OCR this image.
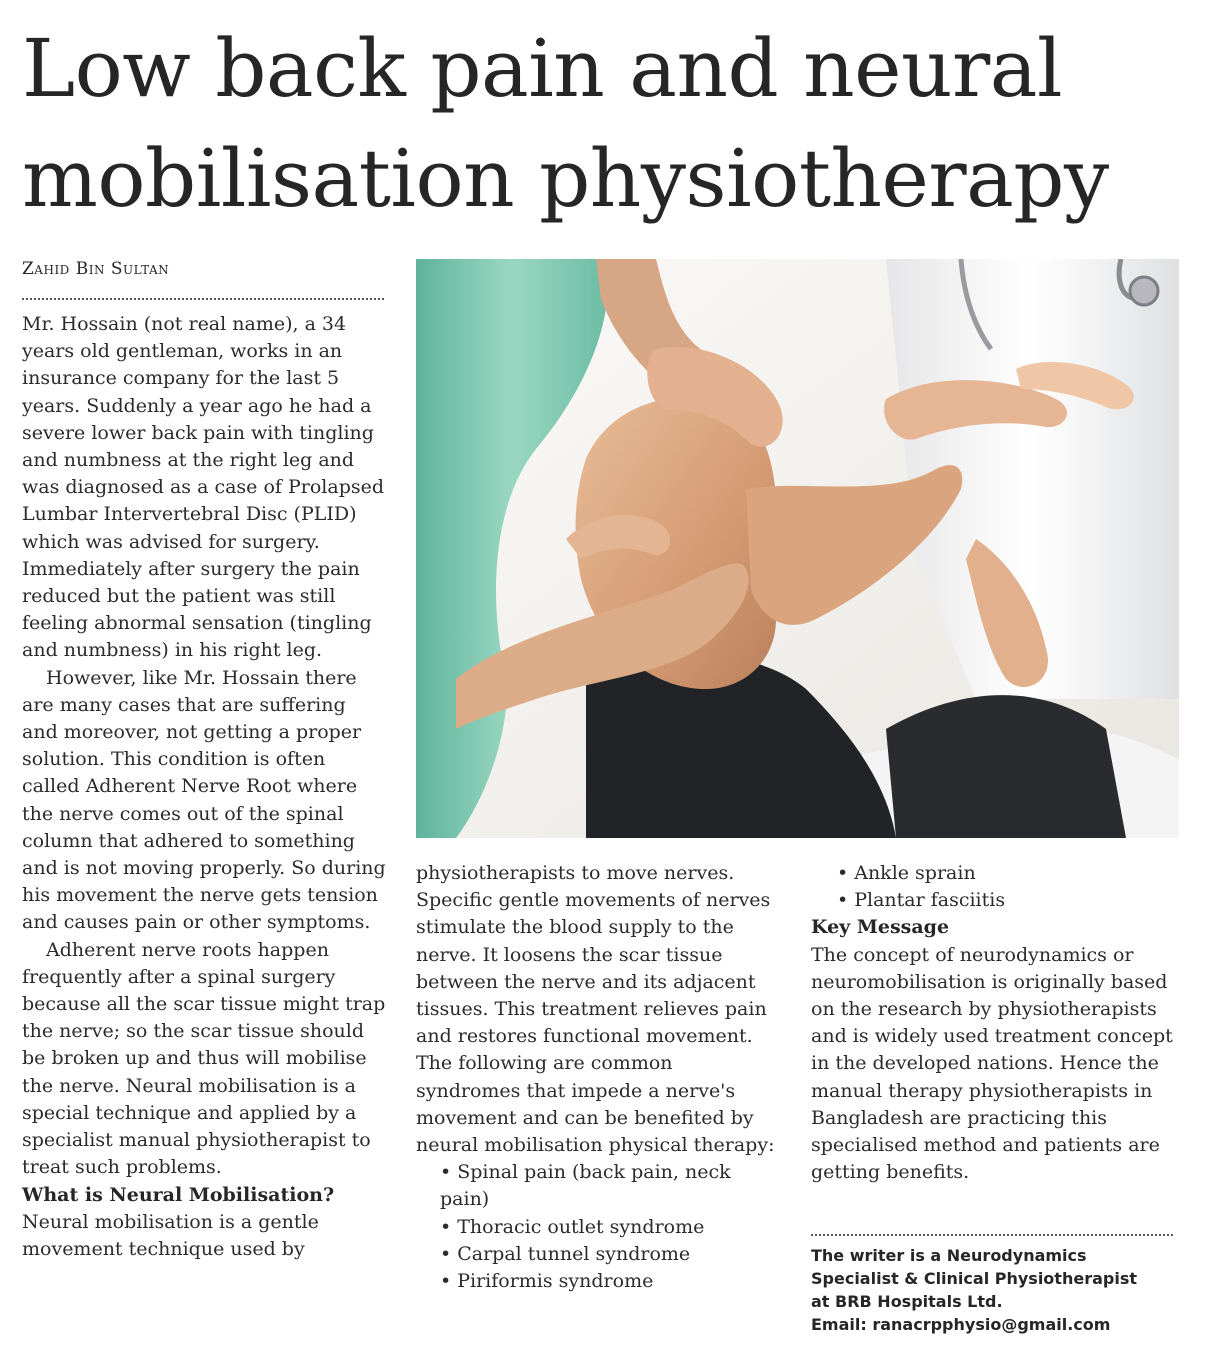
Low back pain and neural
mobilisation physiotherapy
Zahid Bin Sultan

Mr. Hossain (not real name), a 34 years old gentleman, works in an insurance company for the last 5 years. Suddenly a year ago he had a severe lower back pain with tingling and numbness at the right leg and was diagnosed as a case of Prolapsed Lumbar Intervertebral Disc (PLID) which was advised for surgery. Immediately after surgery the pain reduced but the patient was still feeling abnormal sensation (tingling and numbness) in his right leg.

However, like Mr. Hossain there are many cases that are suffering and moreover, not getting a proper solution. This condition is often called Adherent Nerve Root where the nerve comes out of the spinal column that adhered to something and is not moving properly. So during his movement the nerve gets tension and causes pain or other symptoms.

Adherent nerve roots happen frequently after a spinal surgery because all the scar tissue might trap the nerve; so the scar tissue should be broken up and thus will mobilise the nerve. Neural mobilisation is a special technique and applied by a specialist manual physiotherapist to treat such problems.

What is Neural Mobilisation?

Neural mobilisation is a gentle movement technique used by

physiotherapists to move nerves. Specific gentle movements of nerves stimulate the blood supply to the nerve. It loosens the scar tissue between the nerve and its adjacent tissues. This treatment relieves pain and restores functional movement. The following are common syndromes that impede a nerve's movement and can be benefited by neural mobilisation physical therapy:

• Spinal pain (back pain, neck pain)
• Thoracic outlet syndrome
• Carpal tunnel syndrome
• Piriformis syndrome
• Ankle sprain
• Plantar fasciitis
Key Message

The concept of neurodynamics or neuromobilisation is originally based on the research by physiotherapists and is widely used treatment concept in the developed nations. Hence the manual therapy physiotherapists in Bangladesh are practicing this specialised method and patients are getting benefits.

The writer is a Neurodynamics
Specialist & Clinical Physiotherapist
at BRB Hospitals Ltd.
Email: ranacrpphysio@gmail.com
